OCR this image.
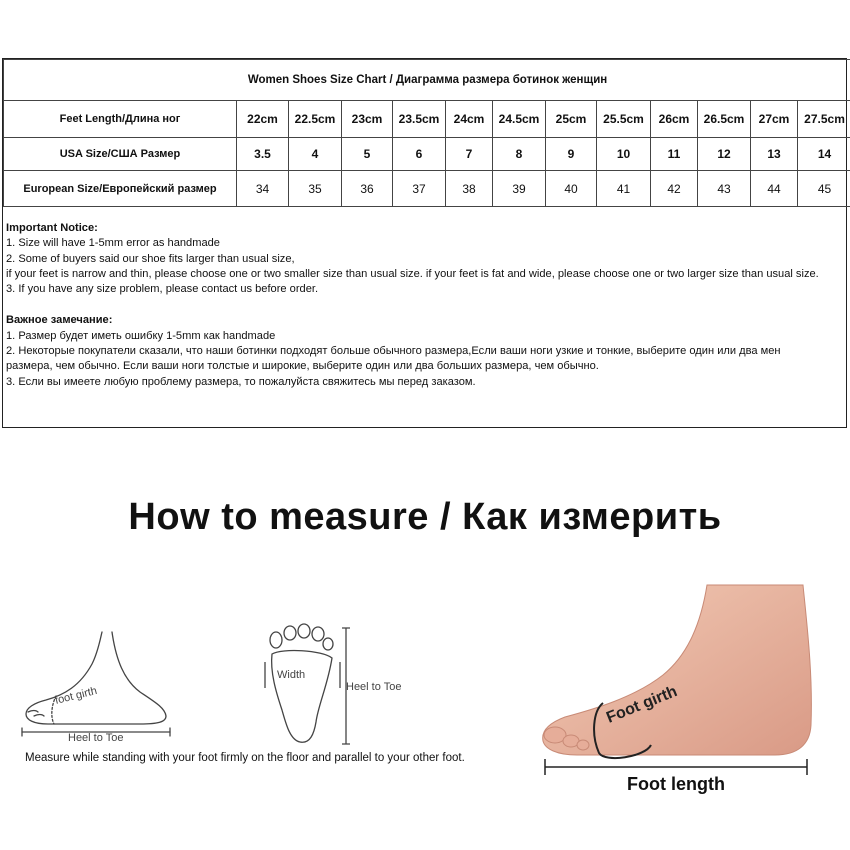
Women Shoes Size Chart / Диаграмма размера ботинок женщин												
Feet Length/Длина ног	22cm	22.5cm	23cm	23.5cm	24cm	24.5cm	25cm	25.5cm	26cm	26.5cm	27cm	27.5cm
USA Size/США Размер	3.5	4	5	6	7	8	9	10	11	12	13	14
European Size/Европейский размер	34	35	36	37	38	39	40	41	42	43	44	45
Important Notice:
1. Size will have 1-5mm error as handmade
2. Some of buyers said our shoe fits larger than usual size,
if your feet is narrow and thin, please choose one or two smaller size than usual size. if your feet is fat and wide, please choose one or two larger size than usual size.
3. If you have any size problem, please contact us before order.
Важное замечание:
1. Размер будет иметь ошибку 1-5mm как handmade
2. Некоторые покупатели сказали, что наши ботинки подходят больше обычного размера,Если ваши ноги узкие и тонкие, выберите один или два мен
размера, чем обычно. Если ваши ноги толстые и широкие, выберите один или два больших размера, чем обычно.
3. Если вы имеете любую проблему размера, то пожалуйста свяжитесь мы перед заказом.
How to measure / Как измерить
foot girth
Heel to Toe
Width
Heel to Toe
Measure while standing with your foot firmly on the floor and parallel to your other foot.
Foot girth
Foot length
